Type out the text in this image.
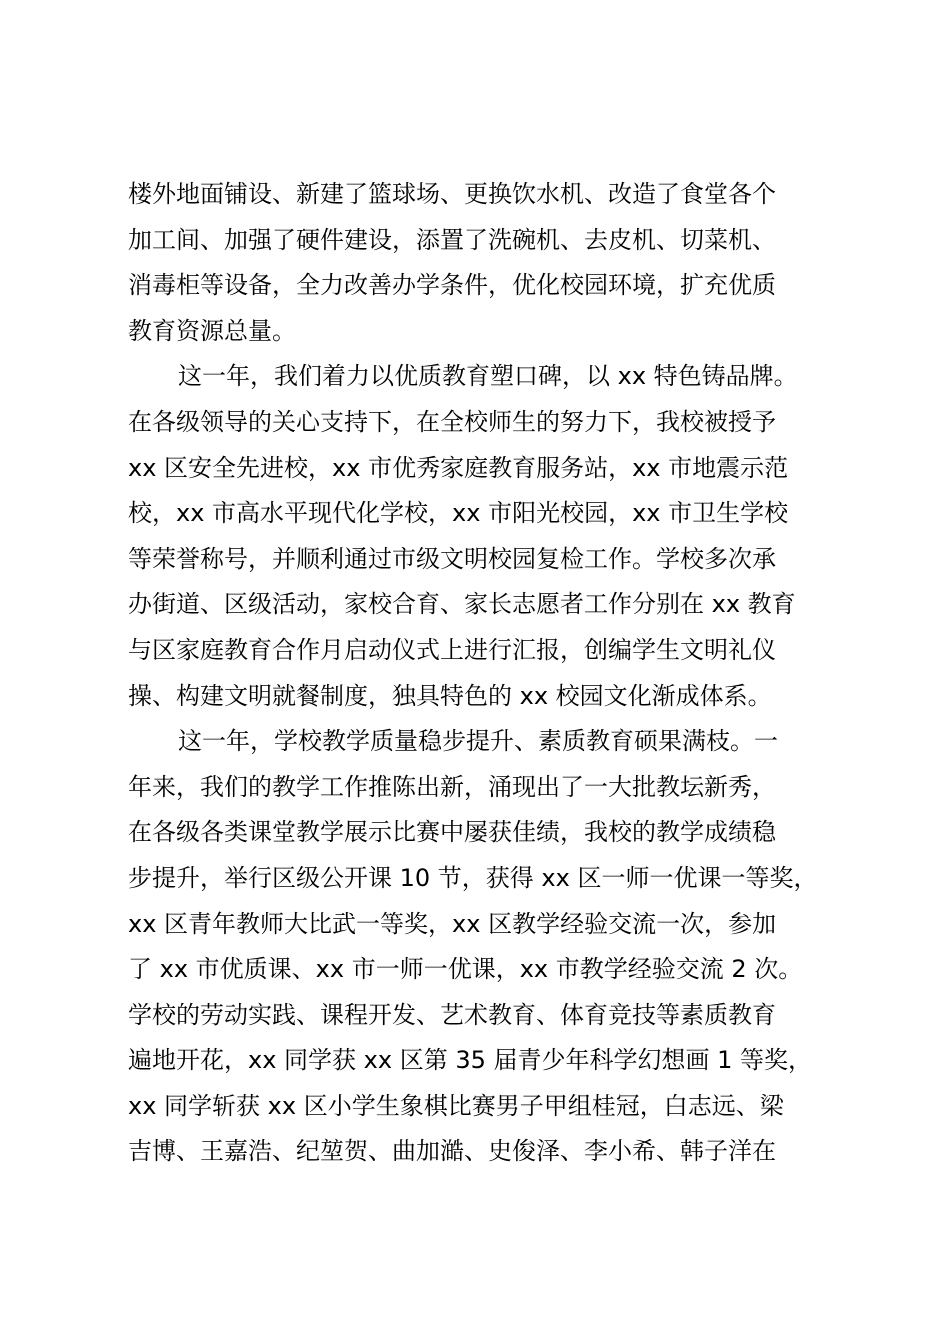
楼外地面铺设、新建了篮球场、更换饮水机、改造了食堂各个
加工间、加强了硬件建设，添置了洗碗机、去皮机、切菜机、
消毒柜等设备，全力改善办学条件，优化校园环境，扩充优质
教育资源总量。
这一年，我们着力以优质教育塑口碑，以 xx 特色铸品牌。
在各级领导的关心支持下，在全校师生的努力下，我校被授予
xx 区安全先进校，xx 市优秀家庭教育服务站，xx 市地震示范
校，xx 市高水平现代化学校，xx 市阳光校园，xx 市卫生学校
等荣誉称号，并顺利通过市级文明校园复检工作。学校多次承
办街道、区级活动，家校合育、家长志愿者工作分别在 xx 教育
与区家庭教育合作月启动仪式上进行汇报，创编学生文明礼仪
操、构建文明就餐制度，独具特色的 xx 校园文化渐成体系。
这一年，学校教学质量稳步提升、素质教育硕果满枝。一
年来，我们的教学工作推陈出新，涌现出了一大批教坛新秀，
在各级各类课堂教学展示比赛中屡获佳绩，我校的教学成绩稳
步提升，举行区级公开课 10 节，获得 xx 区一师一优课一等奖，
xx 区青年教师大比武一等奖，xx 区教学经验交流一次，参加
了 xx 市优质课、xx 市一师一优课，xx 市教学经验交流 2 次。
学校的劳动实践、课程开发、艺术教育、体育竞技等素质教育
遍地开花，xx 同学获 xx 区第 35 届青少年科学幻想画 1 等奖，
xx 同学斩获 xx 区小学生象棋比赛男子甲组桂冠，白志远、梁
吉博、王嘉浩、纪堃贺、曲加澔、史俊泽、李小希、韩子洋在
